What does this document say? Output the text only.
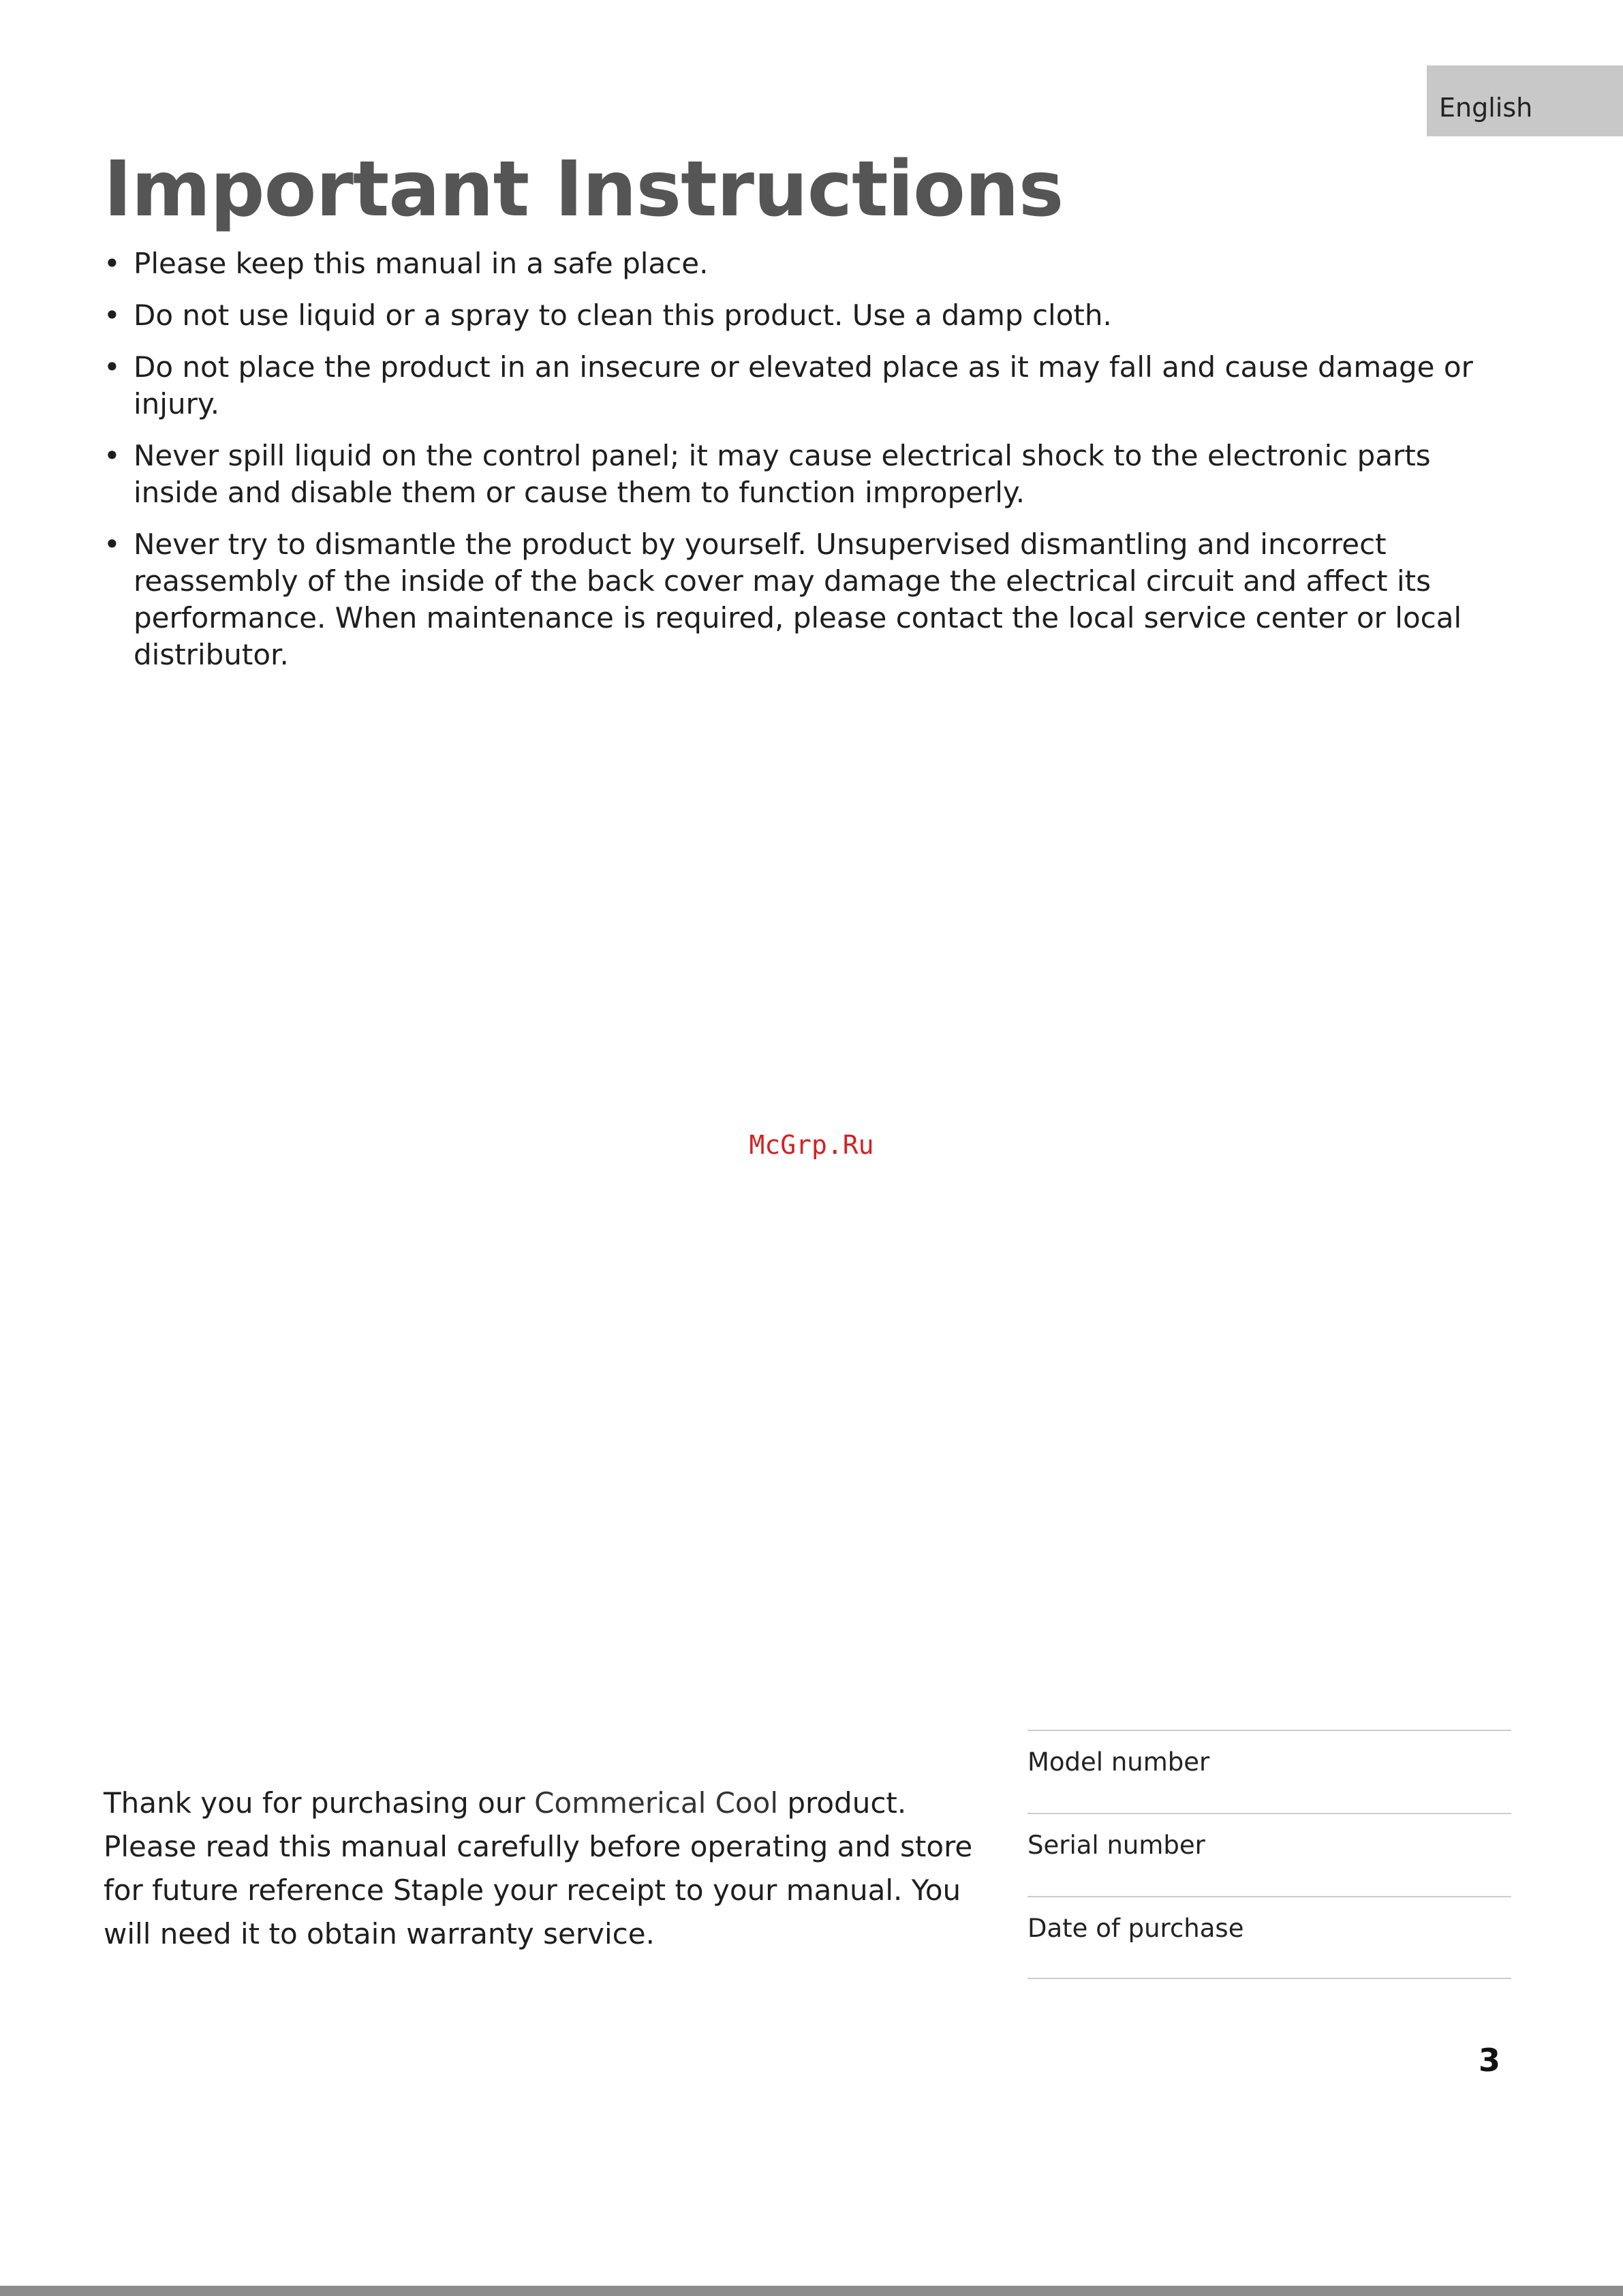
English
Important Instructions
• Please keep this manual in a safe place.
• Do not use liquid or a spray to clean this product. Use a damp cloth.
• Do not place the product in an insecure or elevated place as it may fall and cause damage or injury.
• Never spill liquid on the control panel; it may cause electrical shock to the electronic parts inside and disable them or cause them to function improperly.
• Never try to dismantle the product by yourself. Unsupervised dismantling and incorrect reassembly of the inside of the back cover may damage the electrical circuit and affect its performance. When maintenance is required, please contact the local service center or local distributor.
McGrp.Ru

Thank you for purchasing our Commerical Cool product. Please read this manual carefully before operating and store for future reference Staple your receipt to your manual. You will need it to obtain warranty service.

Model number
Serial number
Date of purchase
3
